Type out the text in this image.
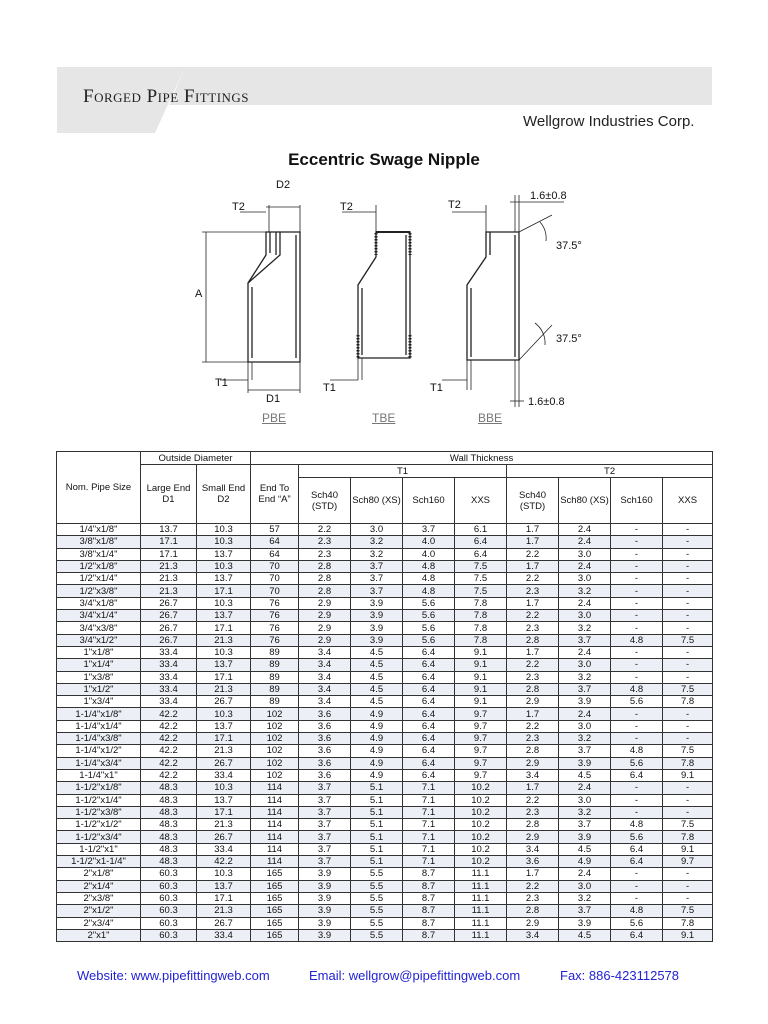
Forged Pipe Fittings
Wellgrow Industries Corp.
Eccentric Swage Nipple
D2
T2	T2	T2
A
T1	T1	T1
D1
1.6±0.8
37.5°
37.5°
1.6±0.8
PBE	TBE	BBE
Nom. Pipe Size	Outside Diameter		Wall Thickness								
	Large End D1	Small End D2	End To End “A”	T1				T2			
				Sch40 (STD)	Sch80 (XS)	Sch160	XXS	Sch40 (STD)	Sch80 (XS)	Sch160	XXS
1/4"x1/8"	13.7	10.3	57	2.2	3.0	3.7	6.1	1.7	2.4	-	-
3/8"x1/8"	17.1	10.3	64	2.3	3.2	4.0	6.4	1.7	2.4	-	-
3/8"x1/4"	17.1	13.7	64	2.3	3.2	4.0	6.4	2.2	3.0	-	-
1/2"x1/8"	21.3	10.3	70	2.8	3.7	4.8	7.5	1.7	2.4	-	-
1/2"x1/4"	21.3	13.7	70	2.8	3.7	4.8	7.5	2.2	3.0	-	-
1/2"x3/8"	21.3	17.1	70	2.8	3.7	4.8	7.5	2.3	3.2	-	-
3/4"x1/8"	26.7	10.3	76	2.9	3.9	5.6	7.8	1.7	2.4	-	-
3/4"x1/4"	26.7	13.7	76	2.9	3.9	5.6	7.8	2.2	3.0	-	-
3/4"x3/8"	26.7	17.1	76	2.9	3.9	5.6	7.8	2.3	3.2	-	-
3/4"x1/2"	26.7	21.3	76	2.9	3.9	5.6	7.8	2.8	3.7	4.8	7.5
1"x1/8"	33.4	10.3	89	3.4	4.5	6.4	9.1	1.7	2.4	-	-
1"x1/4"	33.4	13.7	89	3.4	4.5	6.4	9.1	2.2	3.0	-	-
1"x3/8"	33.4	17.1	89	3.4	4.5	6.4	9.1	2.3	3.2	-	-
1"x1/2"	33.4	21.3	89	3.4	4.5	6.4	9.1	2.8	3.7	4.8	7.5
1"x3/4"	33.4	26.7	89	3.4	4.5	6.4	9.1	2.9	3.9	5.6	7.8
1-1/4"x1/8"	42.2	10.3	102	3.6	4.9	6.4	9.7	1.7	2.4	-	-
1-1/4"x1/4"	42.2	13.7	102	3.6	4.9	6.4	9.7	2.2	3.0	-	-
1-1/4"x3/8"	42.2	17.1	102	3.6	4.9	6.4	9.7	2.3	3.2	-	-
1-1/4"x1/2"	42.2	21.3	102	3.6	4.9	6.4	9.7	2.8	3.7	4.8	7.5
1-1/4"x3/4"	42.2	26.7	102	3.6	4.9	6.4	9.7	2.9	3.9	5.6	7.8
1-1/4"x1"	42.2	33.4	102	3.6	4.9	6.4	9.7	3.4	4.5	6.4	9.1
1-1/2"x1/8"	48.3	10.3	114	3.7	5.1	7.1	10.2	1.7	2.4	-	-
1-1/2"x1/4"	48.3	13.7	114	3.7	5.1	7.1	10.2	2.2	3.0	-	-
1-1/2"x3/8"	48.3	17.1	114	3.7	5.1	7.1	10.2	2.3	3.2	-	-
1-1/2"x1/2"	48.3	21.3	114	3.7	5.1	7.1	10.2	2.8	3.7	4.8	7.5
1-1/2"x3/4"	48.3	26.7	114	3.7	5.1	7.1	10.2	2.9	3.9	5.6	7.8
1-1/2"x1"	48.3	33.4	114	3.7	5.1	7.1	10.2	3.4	4.5	6.4	9.1
1-1/2"x1-1/4"	48.3	42.2	114	3.7	5.1	7.1	10.2	3.6	4.9	6.4	9.7
2"x1/8"	60.3	10.3	165	3.9	5.5	8.7	11.1	1.7	2.4	-	-
2"x1/4"	60.3	13.7	165	3.9	5.5	8.7	11.1	2.2	3.0	-	-
2"x3/8"	60.3	17.1	165	3.9	5.5	8.7	11.1	2.3	3.2	-	-
2"x1/2"	60.3	21.3	165	3.9	5.5	8.7	11.1	2.8	3.7	4.8	7.5
2"x3/4"	60.3	26.7	165	3.9	5.5	8.7	11.1	2.9	3.9	5.6	7.8
2"x1"	60.3	33.4	165	3.9	5.5	8.7	11.1	3.4	4.5	6.4	9.1
Website: www.pipefittingweb.com	Email: wellgrow@pipefittingweb.com	Fax: 886-423112578
